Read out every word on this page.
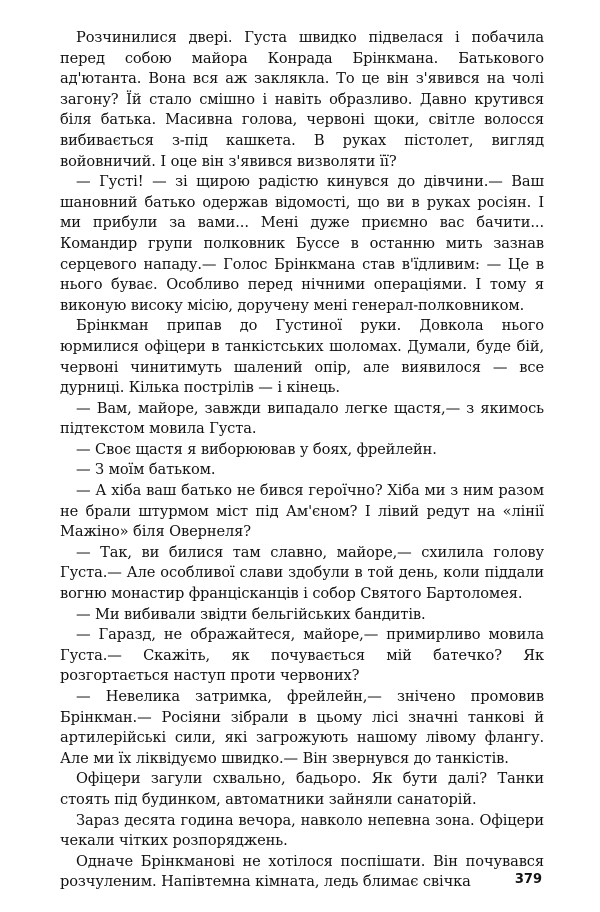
Розчинилися двері. Густа швидко підвелася і побачила перед собою майора Конрада Брінкмана. Батькового ад'ютанта. Вона вся аж заклякла. То це він з'явився на чолі загону? Їй стало смішно і навіть образливо. Давно крутився біля батька. Масивна голова, червоні щоки, світле волосся вибивається з-під кашкета. В руках пістолет, вигляд войовничий. І оце він з'явився визволяти її?

— Густі! — зі щирою радістю кинувся до дівчини.— Ваш шановний батько одержав відомості, що ви в руках росіян. І ми прибули за вами... Мені дуже приємно вас бачити... Командир групи полковник Буссе в останню мить зазнав серцевого нападу.— Голос Брінкмана став в'їдливим: — Це в нього буває. Особливо перед нічними операціями. І тому я виконую високу місію, доручену мені генерал-полковником.

Брінкман припав до Густиної руки. Довкола нього юрмилися офіцери в танкістських шоломах. Думали, буде бій, червоні чинитимуть шалений опір, але виявилося — все дурниці. Кілька пострілів — і кінець.

— Вам, майоре, завжди випадало легке щастя,— з якимось підтекстом мовила Густа.

— Своє щастя я виборюював у боях, фрейлейн.

— З моїм батьком.

— А хіба ваш батько не бився героїчно? Хіба ми з ним разом не брали штурмом міст під Ам'єном? І лівий редут на «лінії Мажіно» біля Овернеля?

— Так, ви билися там славно, майоре,— схилила голову Густа.— Але особливої слави здобули в той день, коли піддали вогню монастир францісканців і собор Святого Бартоломея.

— Ми вибивали звідти бельгійських бандитів.

— Гаразд, не ображайтеся, майоре,— примирливо мовила Густа.— Скажіть, як почувається мій батечко? Як розгортається наступ проти червоних?

— Невелика затримка, фрейлейн,— знічено промовив Брінкман.— Росіяни зібрали в цьому лісі значні танкові й артилерійські сили, які загрожують нашому лівому флангу. Але ми їх ліквідуємо швидко.— Він звернувся до танкістів.

Офіцери загули схвально, бадьоро. Як бути далі? Танки стоять під будинком, автоматники зайняли санаторій.

Зараз десята година вечора, навколо непевна зона. Офіцери чекали чітких розпоряджень.

Одначе Брінкманові не хотілося поспішати. Він почувався розчуленим. Напівтемна кімната, ледь блимає свічка	379
